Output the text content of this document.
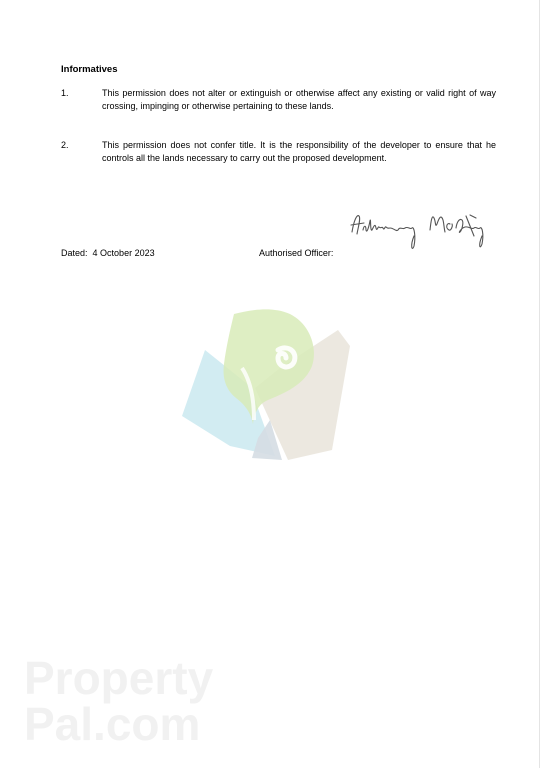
Informatives
1.	This permission does not alter or extinguish or otherwise affect any existing or valid right of way crossing, impinging or otherwise pertaining to these lands.
2.	This permission does not confer title. It is the responsibility of the developer to ensure that he controls all the lands necessary to carry out the proposed development.
Dated: 4 October 2023	Authorised Officer:
Property
Pal.com
